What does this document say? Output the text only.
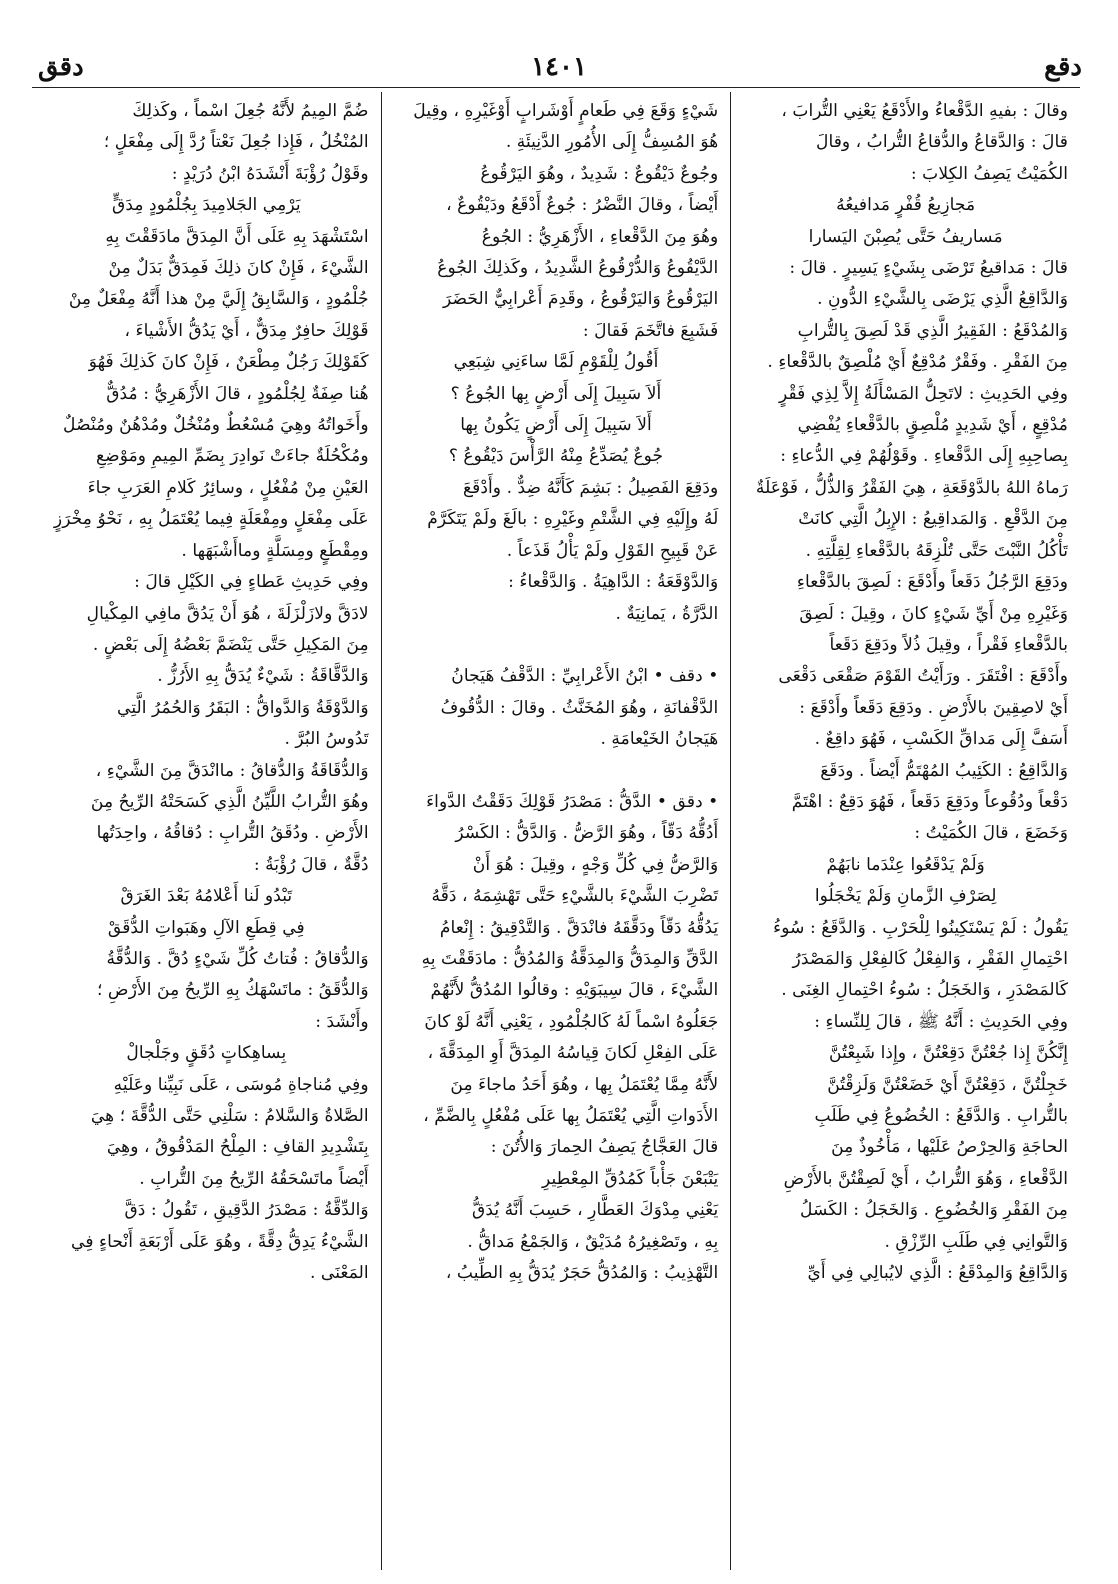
دقع
١٤٠١
دقق

وقالَ : بفيهِ الدَّقْعاءُ والأَدْقَعُ يَعْنِي التُّرابَ ،

قالَ : وَالدَّقاعُ والدُّقاعُ التُّرابُ ، وقالَ

الكُمَيْتُ يَصِفُ الكِلابَ :

مَجازِيعُ قُفْرٍ مَدافيعُهُ

مَساريفُ حَتَّى يُصِبْنَ اليَسارا

قالَ : مَداقيعُ تَرْضَى بِشَيْءٍ يَسِيرٍ . قالَ :

وَالدَّاقِعُ الَّذِي يَرْضَى بِالشَّيْءِ الدُّونِ .

وَالمُدْقَعُ : الفَقِيرُ الَّذِي قَدْ لَصِقَ بِالتُّرابِ

مِنَ الفَقْرِ . وفَقْرٌ مُدْقِعٌ أَيْ مُلْصِقٌ بالدَّقْعاءِ .

وفِي الحَدِيثِ : لاتَحِلُّ المَسْأَلَةُ إِلاَّ لِذِي فَقْرٍ

مُدْقِعٍ ، أَيْ شَدِيدٍ مُلْصِقٍ بالدَّقْعاءِ يُفْضِي

بِصاحِبِهِ إِلَى الدَّقْعاءِ . وقَوْلُهُمْ فِي الدُّعاءِ :

رَماهُ اللهُ بالدَّوْقَعَةِ ، هِيَ الفَقْرُ وَالذُّلُّ ، فَوْعَلَةٌ

مِنَ الدَّقْعِ . وَالمَداقِيعُ : الإِبِلُ الَّتِي كانَتْ

تَأْكُلُ النَّبْتَ حَتَّى تُلْزِقَهُ بالدَّقْعاءِ لِقِلَّتِهِ .

ودَقِعَ الرَّجُلُ دَقَعاً وأَدْقَعَ : لَصِقَ بالدَّقْعاءِ

وَغَيْرِهِ مِنْ أَيِّ شَيْءٍ كانَ ، وقِيلَ : لَصِقَ

بالدَّقْعاءِ فَقْراً ، وقِيلَ ذُلاً ودَقِعَ دَقَعاً

وأَدْقَعَ : افْتَقَرَ . ورَأَيْتُ القَوْمَ صَقْعَى دَقْعَى

أَيْ لاصِقِينَ بالأَرْضِ . ودَقِعَ دَقَعاً وأَدْقَعَ :

أَسَفَّ إِلَى مَداقِّ الكَسْبِ ، فَهُوَ داقِعٌ .

وَالدَّاقِعُ : الكَئِيبُ المُهْتَمُّ أَيْضاً . ودَقَعَ

دَقْعاً ودُقُوعاً ودَقِعَ دَقَعاً ، فَهُوَ دَقِعٌ : اهْتَمَّ

وَخَضَعَ ، قالَ الكُمَيْتُ :

وَلَمْ يَدْقَعُوا عِنْدَما نابَهُمْ

لِصَرْفِ الزَّمانِ وَلَمْ يَخْجَلُوا

يَقُولُ : لَمْ يَسْتَكِينُوا لِلْحَرْبِ . وَالدَّقَعُ : سُوءُ

احْتِمالِ الفَقْرِ ، وَالفِعْلُ كَالفِعْلِ وَالمَصْدَرُ

كَالمَصْدَرِ ، وَالخَجَلُ : سُوءُ احْتِمالِ الغِنَى .

وفِي الحَدِيثِ : أَنَّهُ ﷺ ، قالَ لِلنِّساءِ :

إِنَّكُنَّ إِذا جُعْتُنَّ دَقِعْتُنَّ ، وإِذا شَبِعْتُنَّ

خَجِلْتُنَّ ، دَقِعْتُنَّ أَيْ خَضَعْتُنَّ وَلَزِقْتُنَّ

بالتُّرابِ . وَالدَّقَعُ : الخُضُوعُ فِي طَلَبِ

الحاجَةِ وَالحِرْصُ عَلَيْها ، مَأْخُوذٌ مِنَ

الدَّقْعاءِ ، وَهُوَ التُّرابُ ، أَيْ لَصِقْتُنَّ بالأَرْضِ

مِنَ الفَقْرِ وَالخُضُوعِ . وَالخَجَلُ : الكَسَلُ

وَالتَّوانِي فِي طَلَبِ الرِّزْقِ .

وَالدَّاقِعُ وَالمِدْقَعُ : الَّذِي لايُبالِي فِي أَيِّ

شَيْءٍ وَقَعَ فِي طَعامٍ أَوْشَرابٍ أَوْغَيْرِهِ ، وقِيلَ

هُوَ المُسِفُّ إِلَى الأُمُورِ الدَّنِيئَةِ .

وجُوعٌ دَيْقُوعٌ : شَدِيدٌ ، وهُوَ اليَرْقُوعُ

أَيْضاً ، وقالَ النَّضْرُ : جُوعٌ أَدْقَعُ ودَيْقُوعٌ ،

وهُوَ مِنَ الدَّقْعاءِ ، الأَزْهَرِيُّ : الجُوعُ

الدَّيْقُوعُ وَالدُّرْقُوعُ الشَّدِيدُ ، وكَذلِكَ الجُوعُ

اليَرْقُوعُ وَاليَرْقُوعُ ، وقَدِمَ أَعْرابِيٌّ الحَضَرَ

فَشَبِعَ فاتَّخَمَ فَقالَ :

أَقُولُ لِلْقَوْمِ لَمَّا ساءَنِي شِبَعِي

أَلاَ سَبِيلَ إِلَى أَرْضٍ بِها الجُوعُ ؟

أَلاَ سَبِيلَ إِلَى أَرْضٍ يَكُونُ بِها

جُوعٌ يُصَدِّعُ مِنْهُ الرَّأْسَ دَيْقُوعُ ؟

ودَقِعَ الفَصِيلُ : بَشِمَ كَأَنَّهُ ضِدٌّ . وأَدْقَعَ

لَهُ وإِلَيْهِ فِي الشَّتْمِ وغَيْرِهِ : بالَغَ ولَمْ يَتَكَرَّمْ

عَنْ قَبِيحِ القَوْلِ ولَمْ يَأْلُ قَذَعاً .

وَالدَّوْقَعَةُ : الدَّاهِيَةُ . وَالدَّقْعاءُ :

الدَّرَّةُ ، يَمانِيَةٌ .

• دقف • ابْنُ الأَعْرابِيِّ : الدَّقْفُ هَيَجانُ

الدَّقْفانَةِ ، وهُوَ المُخَنَّثُ . وقالَ : الدُّقُوفُ

هَيَجانُ الخَيْعامَةِ .

• دقق • الدَّقُّ : مَصْدَرُ قَوْلِكَ دَقَقْتُ الدَّواءَ

أَدُقُّهُ دَقّاً ، وهُوَ الرَّضُّ . وَالدَّقُّ : الكَسْرُ

وَالرَّضُّ فِي كُلِّ وَجْهٍ ، وقِيلَ : هُوَ أَنْ

تَضْرِبَ الشَّيْءَ بالشَّيْءِ حَتَّى تَهْشِمَهُ ، دَقَّهُ

يَدُقُّهُ دَقّاً ودَقَّقَهُ فانْدَقَّ . وَالتَّدْقِيقُ : إِنْعامُ

الدَّقِّ وَالمِدَقُّ وَالمِدَقَّةُ وَالمُدُقُّ : مادَقَقْتَ بِهِ

الشَّيْءَ ، قالَ سِيبَوَيْهِ : وقالُوا المُدُقُّ لأَنَّهُمْ

جَعَلُوهُ اسْماً لَهُ كَالجُلْمُودِ ، يَعْنِي أَنَّهُ لَوْ كانَ

عَلَى الفِعْلِ لَكانَ قِياسُهُ المِدَقَّ أَوِ المِدَقَّةَ ،

لأَنَّهُ مِمَّا يُعْتَمَلُ بِها ، وهُوَ أَحَدُ ماجاءَ مِنَ

الأَدَواتِ الَّتِي يُعْتَمَلُ بِها عَلَى مُفْعُلٍ بِالضَّمِّ ،

قالَ العَجَّاجُ يَصِفُ الحِمارَ وَالأُتُنَ :

يَتْبَعْنَ جَأْباً كَمُدُقِّ المِعْطِيرِ

يَعْنِي مِدْوَكَ العَطَّارِ ، حَسِبَ أَنَّهُ يُدَقُّ

بِهِ ، وتَصْغِيرُهُ مُدَيْقٌ ، وَالجَمْعُ مَداقُّ .

التَّهْذِيبُ : وَالمُدُقُّ حَجَرٌ يُدَقُّ بِهِ الطِّيبُ ،

ضُمَّ المِيمُ لأَنَّهُ جُعِلَ اسْماً ، وكَذلِكَ

المُنْخُلُ ، فَإِذا جُعِلَ نَعْتاً رُدَّ إِلَى مِفْعَلٍ ؛

وقَوْلُ رُؤْبَةَ أَنْشَدَهُ ابْنُ دُرَيْدٍ :

يَرْمِي الجَلامِيدَ بِجُلْمُودٍ مِدَقٍّ

اسْتَشْهَدَ بِهِ عَلَى أَنَّ المِدَقَّ مادَقَقْتَ بِهِ

الشَّيْءَ ، فَإِنْ كانَ ذلِكَ فَمِدَقٌّ بَدَلٌ مِنْ

جُلْمُودٍ ، وَالسَّابِقُ إِلَيَّ مِنْ هذا أَنَّهُ مِفْعَلٌ مِنْ

قَوْلِكَ حافِرٌ مِدَقٌّ ، أَيْ يَدُقُّ الأَشْياءَ ،

كَقَوْلِكَ رَجُلٌ مِطْعَنٌ ، فَإِنْ كانَ كَذلِكَ فَهُوَ

هُنا صِفَةٌ لِجُلْمُودٍ ، قالَ الأَزْهَرِيُّ : مُدُقٌّ

وأَخَواتُهُ وهِيَ مُسْعُطٌ ومُنْخُلٌ ومُدْهُنٌ ومُنْصُلٌ

ومُكْحُلَةٌ جاءَتْ نَوادِرَ بِضَمِّ المِيمِ ومَوْضِعِ

العَيْنِ مِنْ مُفْعُلٍ ، وسائِرُ كَلامِ العَرَبِ جاءَ

عَلَى مِفْعَلٍ ومِفْعَلَةٍ فِيما يُعْتَمَلُ بِهِ ، نَحْوُ مِخْرَزٍ

ومِقْطَعٍ ومِسَلَّةٍ وماأَشْبَهَها .

وفِي حَدِيثِ عَطاءٍ فِي الكَيْلِ قالَ :

لادَقَّ ولازَلْزَلَةَ ، هُوَ أَنْ يَدُقَّ مافِي المِكْيالِ

مِنَ المَكِيلِ حَتَّى يَنْضَمَّ بَعْضُهُ إِلَى بَعْضٍ .

وَالدَّقَّاقَةُ : شَيْءٌ يُدَقُّ بِهِ الأَرُزُّ .

وَالدَّوْقَةُ وَالدَّواقُّ : البَقَرُ وَالحُمُرُ الَّتِي

تَدُوسُ البُرَّ .

وَالدُّقَاقَةُ وَالدُّقاقُ : ماانْدَقَّ مِنَ الشَّيْءِ ،

وهُوَ التُّرابُ اللَّيِّنُ الَّذِي كَسَحَتْهُ الرِّيحُ مِنَ

الأَرْضِ . ودُقَقُ التُّرابِ : دُقاقُهُ ، واحِدَتُها

دُقَّةٌ ، قالَ رُؤْبَةُ :

تَبْدُو لَنا أَعْلامُهُ بَعْدَ الغَرَقْ

فِي قِطَعِ الآلِ وهَبَواتِ الدُّقَقْ

وَالدُّقاقُ : فُتاتُ كُلِّ شَيْءٍ دُقَّ . وَالدُّقَّةُ

وَالدُّقَقُ : ماتَسْهَكُ بِهِ الرِّيحُ مِنَ الأَرْضِ ؛

وأَنْشَدَ :

بِساهِكاتٍ دُقَقٍ وجَلْجالْ

وفِي مُناجاةِ مُوسَى ، عَلَى نَبِيِّنا وعَلَيْهِ

الصَّلاةُ وَالسَّلامُ : سَلْنِي حَتَّى الدُّقَّةَ ؛ هِيَ

بِتَشْدِيدِ القافِ : المِلْحُ المَدْقُوقُ ، وهِيَ

أَيْضاً ماتَسْحَقُهُ الرِّيحُ مِنَ التُّرابِ .

وَالدِّقَّةُ : مَصْدَرُ الدَّقِيقِ ، تَقُولُ : دَقَّ

الشَّيْءُ يَدِقُّ دِقَّةً ، وهُوَ عَلَى أَرْبَعَةِ أَنْحاءٍ فِي

المَعْنَى .
